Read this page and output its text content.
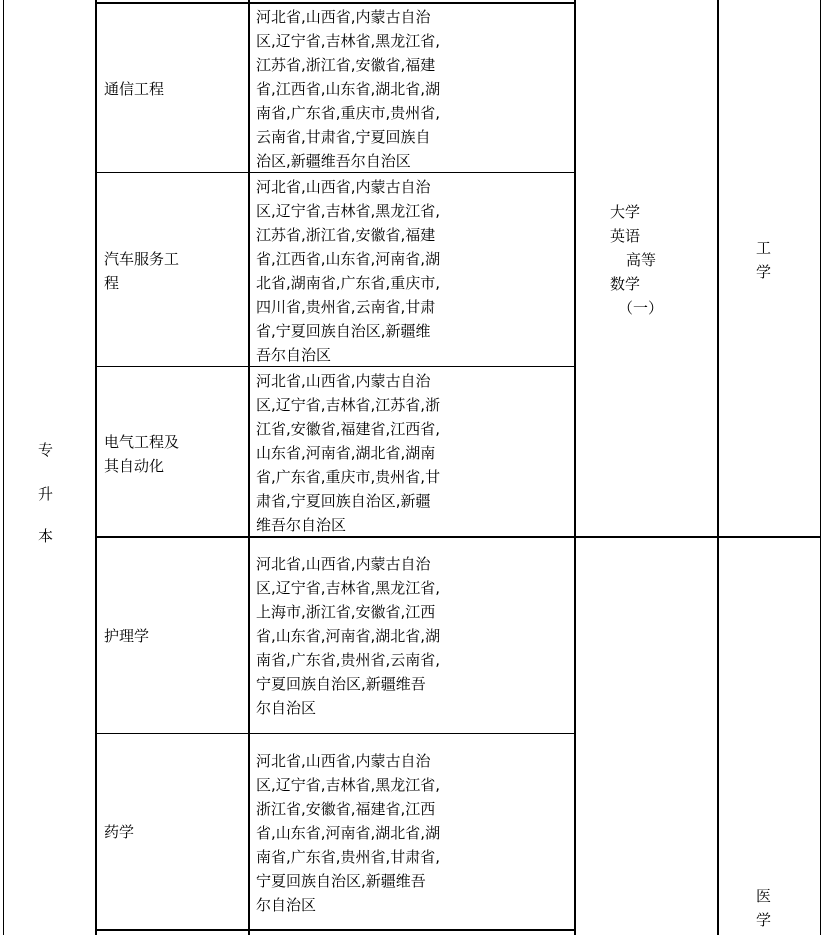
专
升
本
通信工程
河北省,山西省,内蒙古自治
区,辽宁省,吉林省,黑龙江省,
江苏省,浙江省,安徽省,福建
省,江西省,山东省,湖北省,湖
南省,广东省,重庆市,贵州省,
云南省,甘肃省,宁夏回族自
治区,新疆维吾尔自治区
汽车服务工
程
河北省,山西省,内蒙古自治
区,辽宁省,吉林省,黑龙江省,
江苏省,浙江省,安徽省,福建
省,江西省,山东省,河南省,湖
北省,湖南省,广东省,重庆市,
四川省,贵州省,云南省,甘肃
省,宁夏回族自治区,新疆维
吾尔自治区
电气工程及
其自动化
河北省,山西省,内蒙古自治
区,辽宁省,吉林省,江苏省,浙
江省,安徽省,福建省,江西省,
山东省,河南省,湖北省,湖南
省,广东省,重庆市,贵州省,甘
肃省,宁夏回族自治区,新疆
维吾尔自治区
护理学
河北省,山西省,内蒙古自治
区,辽宁省,吉林省,黑龙江省,
上海市,浙江省,安徽省,江西
省,山东省,河南省,湖北省,湖
南省,广东省,贵州省,云南省,
宁夏回族自治区,新疆维吾
尔自治区
药学
河北省,山西省,内蒙古自治
区,辽宁省,吉林省,黑龙江省,
浙江省,安徽省,福建省,江西
省,山东省,河南省,湖北省,湖
南省,广东省,贵州省,甘肃省,
宁夏回族自治区,新疆维吾
尔自治区
大学
英语
高等
数学
（一）
工
学
医
学
